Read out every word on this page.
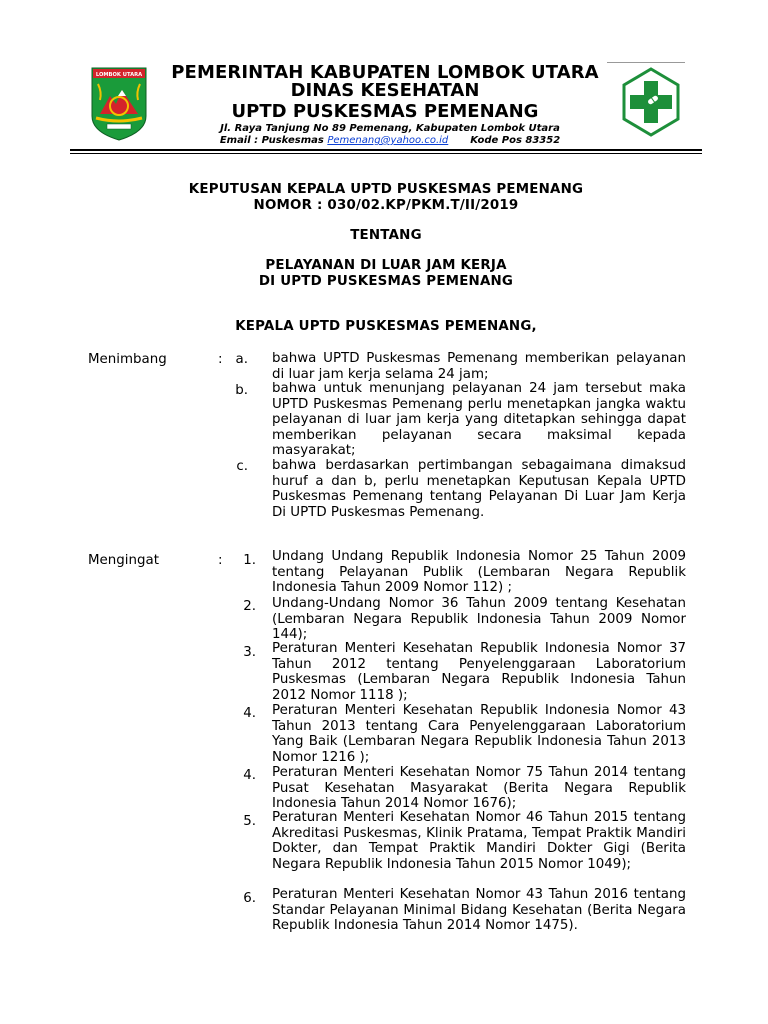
LOMBOK UTARA	PEMERINTAH KABUPATEN LOMBOK UTARA
DINAS KESEHATAN
UPTD PUSKESMAS PEMENANG
Jl. Raya Tanjung No 89 Pemenang, Kabupaten Lombok Utara
Email : Puskesmas Pemenang@yahoo.co.id Kode Pos 83352
KEPUTUSAN KEPALA UPTD PUSKESMAS PEMENANG
NOMOR : 030/02.KP/PKM.T/II/2019
TENTANG
PELAYANAN DI LUAR JAM KERJA
DI UPTD PUSKESMAS PEMENANG
KEPALA UPTD PUSKESMAS PEMENANG,
Menimbang	: a. bahwa UPTD Puskesmas Pemenang memberikan pelayanan di luar jam kerja selama 24 jam;
b. bahwa untuk menunjang pelayanan 24 jam tersebut maka UPTD Puskesmas Pemenang perlu menetapkan jangka waktu pelayanan di luar jam kerja yang ditetapkan sehingga dapat memberikan pelayanan secara maksimal kepada masyarakat;
c. bahwa berdasarkan pertimbangan sebagaimana dimaksud huruf a dan b, perlu menetapkan Keputusan Kepala UPTD Puskesmas Pemenang tentang Pelayanan Di Luar Jam Kerja Di UPTD Puskesmas Pemenang.
Mengingat	:	1. Undang Undang Republik Indonesia Nomor 25 Tahun 2009 tentang Pelayanan Publik (Lembaran Negara Republik Indonesia Tahun 2009 Nomor 112) ;
2. Undang-Undang Nomor 36 Tahun 2009 tentang Kesehatan (Lembaran Negara Republik Indonesia Tahun 2009 Nomor 144);
3. Peraturan Menteri Kesehatan Republik Indonesia Nomor 37 Tahun 2012 tentang Penyelenggaraan Laboratorium Puskesmas (Lembaran Negara Republik Indonesia Tahun 2012 Nomor 1118 );
4. Peraturan Menteri Kesehatan Republik Indonesia Nomor 43 Tahun 2013 tentang Cara Penyelenggaraan Laboratorium Yang Baik (Lembaran Negara Republik Indonesia Tahun 2013 Nomor 1216 );
4. Peraturan Menteri Kesehatan Nomor 75 Tahun 2014 tentang Pusat Kesehatan Masyarakat (Berita Negara Republik Indonesia Tahun 2014 Nomor 1676);
5. Peraturan Menteri Kesehatan Nomor 46 Tahun 2015 tentang Akreditasi Puskesmas, Klinik Pratama, Tempat Praktik Mandiri Dokter, dan Tempat Praktik Mandiri Dokter Gigi (Berita Negara Republik Indonesia Tahun 2015 Nomor 1049);
6. Peraturan Menteri Kesehatan Nomor 43 Tahun 2016 tentang Standar Pelayanan Minimal Bidang Kesehatan (Berita Negara Republik Indonesia Tahun 2014 Nomor 1475).
